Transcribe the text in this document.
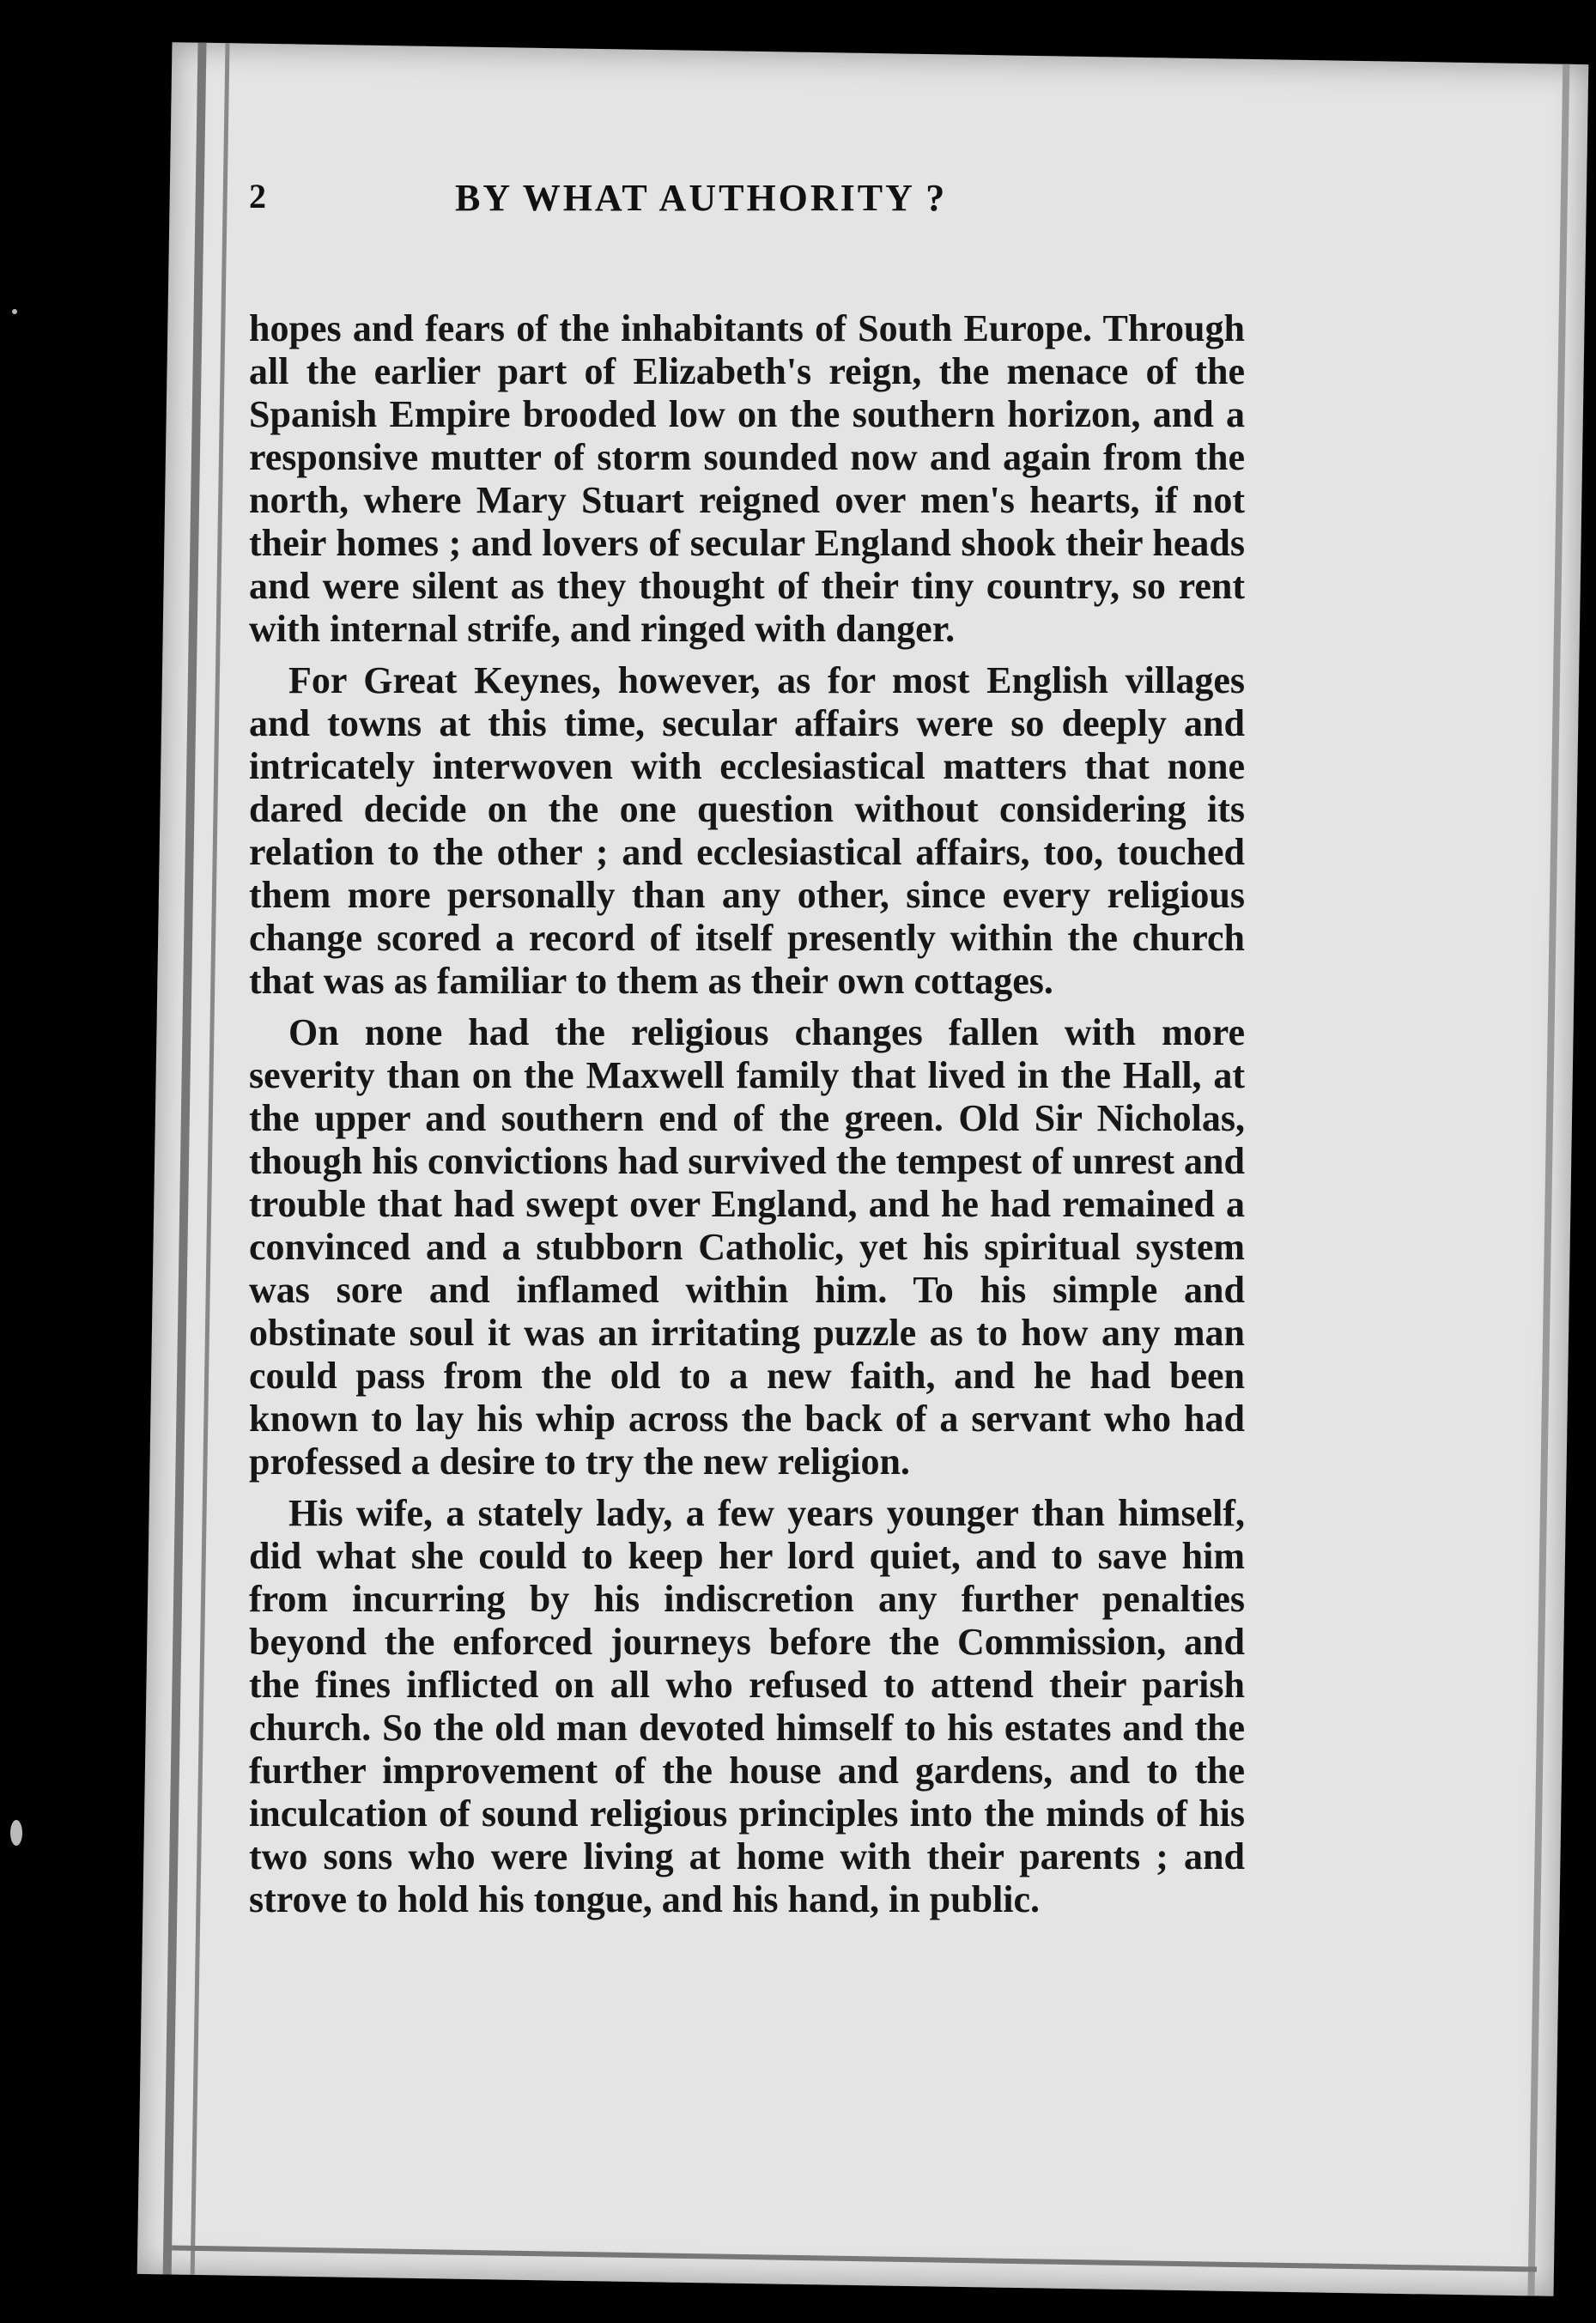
2	BY WHAT AUTHORITY ?

hopes and fears of the inhabitants of South Europe. Through all the earlier part of Elizabeth's reign, the menace of the Spanish Empire brooded low on the southern horizon, and a responsive mutter of storm sounded now and again from the north, where Mary Stuart reigned over men's hearts, if not their homes ; and lovers of secular England shook their heads and were silent as they thought of their tiny country, so rent with internal strife, and ringed with danger.

For Great Keynes, however, as for most English villages and towns at this time, secular affairs were so deeply and intricately interwoven with ecclesiastical matters that none dared decide on the one question without considering its relation to the other ; and ecclesiastical affairs, too, touched them more personally than any other, since every religious change scored a record of itself presently within the church that was as familiar to them as their own cottages.

On none had the religious changes fallen with more severity than on the Maxwell family that lived in the Hall, at the upper and southern end of the green. Old Sir Nicholas, though his convictions had survived the tempest of unrest and trouble that had swept over England, and he had remained a convinced and a stubborn Catholic, yet his spiritual system was sore and inflamed within him. To his simple and obstinate soul it was an irritating puzzle as to how any man could pass from the old to a new faith, and he had been known to lay his whip across the back of a servant who had professed a desire to try the new religion.

His wife, a stately lady, a few years younger than himself, did what she could to keep her lord quiet, and to save him from incurring by his indiscretion any further penalties beyond the enforced journeys before the Commission, and the fines inflicted on all who refused to attend their parish church. So the old man devoted himself to his estates and the further improvement of the house and gardens, and to the inculcation of sound religious principles into the minds of his two sons who were living at home with their parents ; and strove to hold his tongue, and his hand, in public.
